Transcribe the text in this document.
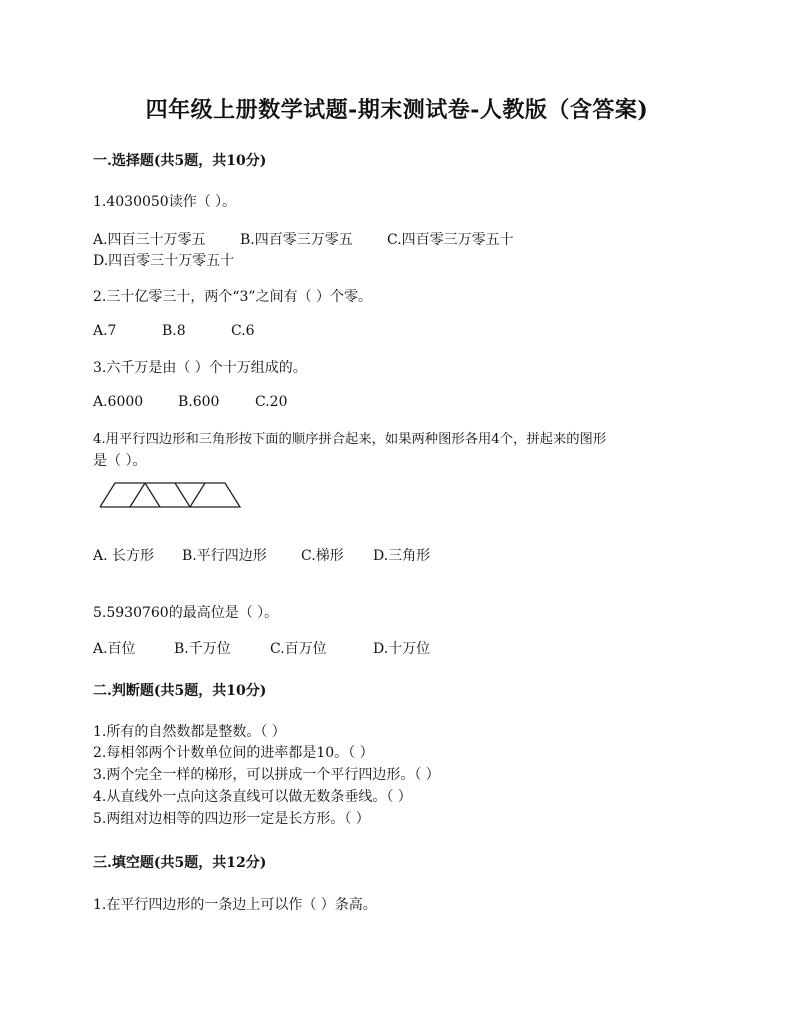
四年级上册数学试题-期末测试卷-人教版（含答案)
一.选择题(共5题，共10分)
1.4030050读作（ ）。
A.四百三十万零五 B.四百零三万零五 C.四百零三万零五十
D.四百零三十万零五十
2.三十亿零三十，两个“3”之间有（ ）个零。
A.7	B.8	C.6
3.六千万是由（ ）个十万组成的。
A.6000 B.600	C.20
4.用平行四边形和三角形按下面的顺序拼合起来，如果两种图形各用4个，拼起来的图形
是（ ）。
A. 长方形 B.平行四边形 C.梯形 D.三角形
5.5930760的最高位是（ ）。
A.百位	B.千万位	C.百万位	D.十万位
二.判断题(共5题，共10分)
1.所有的自然数都是整数。（ ）
2.每相邻两个计数单位间的进率都是10。（ ）
3.两个完全一样的梯形，可以拼成一个平行四边形。（ ）
4.从直线外一点向这条直线可以做无数条垂线。（ ）
5.两组对边相等的四边形一定是长方形。（ ）
三.填空题(共5题，共12分)
1.在平行四边形的一条边上可以作（ ）条高。
